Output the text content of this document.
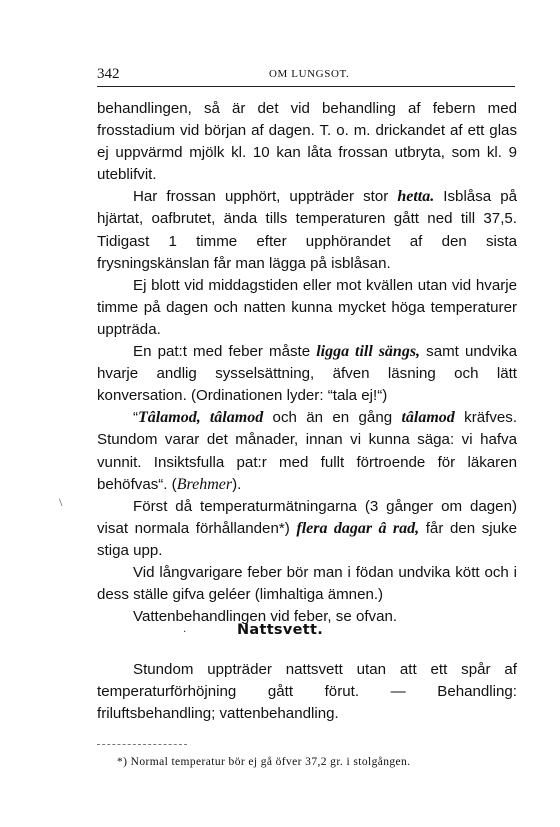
342	OM LUNGSOT.

behandlingen, så är det vid behandling af febern med frosstadium vid början af dagen. T. o. m. drickandet af ett glas ej uppvärmd mjölk kl. 10 kan låta frossan utbryta, som kl. 9 uteblifvit.

Har frossan upphört, uppträder stor hetta. Isblåsa på hjärtat, oafbrutet, ända tills temperaturen gått ned till 37,5. Tidigast 1 timme efter upphörandet af den sista frysningskänslan får man lägga på isblåsan.

Ej blott vid middagstiden eller mot kvällen utan vid hvarje timme på dagen och natten kunna mycket höga temperaturer uppträda.

En pat:t med feber måste ligga till sängs, samt undvika hvarje andlig sysselsättning, äfven läsning och lätt konversation. (Ordinationen lyder: “tala ej!“)

“Tâlamod, tâlamod och än en gång tâlamod kräfves. Stundom varar det månader, innan vi kunna säga: vi hafva vunnit. Insiktsfulla pat:r med fullt förtroende för läkaren behöfvas“. (Brehmer).

Först då temperaturmätningarna (3 gånger om dagen) visat normala förhållanden*) flera dagar â rad, får den sjuke stiga upp.

Vid långvarigare feber bör man i födan undvika kött och i dess ställe gifva geléer (limhaltiga ämnen.)

Vattenbehandlingen vid feber, se ofvan.

·	Nattsvett.

Stundom uppträder nattsvett utan att ett spår af temperaturförhöjning gått förut. — Behandling: friluftsbehandling; vattenbehandling.

*) Normal temperatur bör ej gå öfver 37,2 gr. i stolgången.
\
